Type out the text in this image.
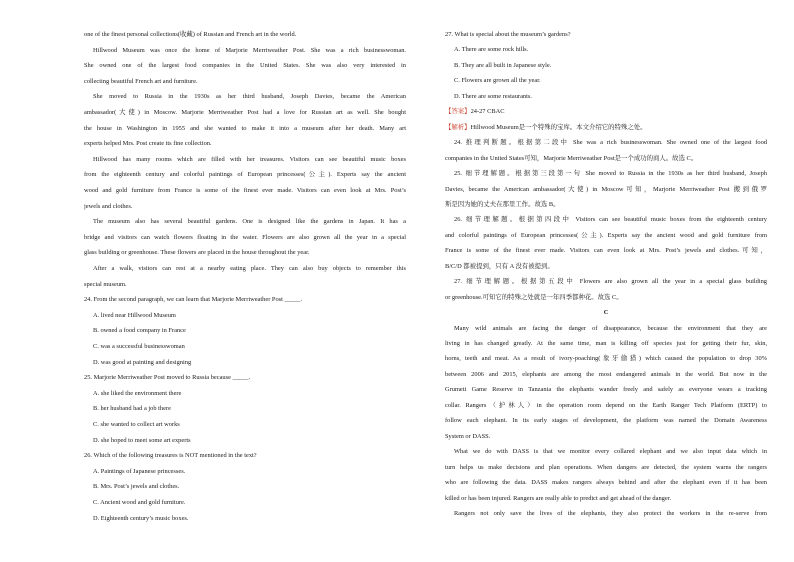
one of the finest personal collections(收藏) of Russian and French art in the world.
Hillwood Museum was once the home of Marjorie Merriweather Post. She was a rich businesswoman.
She owned one of the largest food companies in the United States. She was also very interested in
collecting beautiful French art and furniture.
She moved to Russia in the 1930s as her third husband, Joseph Davies, became the American
ambassador(大使) in Moscow. Marjorie Merriweather Post had a love for Russian art as well. She bought
the house in Washington in 1955 and she wanted to make it into a museum after her death. Many art
experts helped Mrs. Post create its fine collection.
Hillwood has many rooms which are filled with her treasures. Visitors can see beautiful music boxes
from the eighteenth century and colorful paintings of European princesses(公主). Experts say the ancient
wood and gold furniture from France is some of the finest ever made. Visitors can even look at Mrs. Post’s
jewels and clothes.
The museum also has several beautiful gardens. One is designed like the gardens in Japan. It has a
bridge and visitors can watch flowers floating in the water. Flowers are also grown all the year in a special
glass building or greenhouse. These flowers are placed in the house throughout the year.
After a walk, visitors can rest at a nearby eating place. They can also buy objects to remember this
special museum.
24. From the second paragraph, we can learn that Marjorie Merriweather Post _____.
A. lived near Hillwood Museum
B. owned a food company in France
C. was a successful businesswoman
D. was good at painting and designing
25. Marjorie Merriweather Post moved to Russia because _____.
A. she liked the environment there
B. her husband had a job there
C. she wanted to collect art works
D. she hoped to meet some art experts
26. Which of the following treasures is NOT mentioned in the text?
A. Paintings of Japanese princesses.
B. Mrs. Post’s jewels and clothes.
C. Ancient wood and gold furniture.
D. Eighteenth century’s music boxes.
27. What is special about the museum’s gardens?
A. There are some rock hills.
B. They are all built in Japanese style.
C. Flowers are grown all the year.
D. There are some restaurants.
【答案】24-27 CBAC
【解析】Hillwood Museum是一个特殊的宝库。本文介绍它的特殊之处。
24. 推理判断题。根据第二段中 She was a rich businesswoman. She owned one of the largest food
companies in the United States可知，Marjorie Merriweather Post是一个成功的商人。故选 C。
25. 细节理解题。根据第三段第一句 She moved to Russia in the 1930s as her third husband, Joseph
Davies, became the American ambassador(大使) in Moscow可知，Marjorie Merriweather Post 搬到俄罗
斯是因为她的丈夫在那里工作。故选 B。
26. 细节理解题。根据第四段中 Visitors can see beautiful music boxes from the eighteenth century
and colorful paintings of European princesses(公主). Experts say the ancient wood and gold furniture from
France is some of the finest ever made. Visitors can even look at Mrs. Post’s jewels and clothes.可知，
B/C/D 都被提到，只有 A 没有被提到。
27. 细节理解题。根据第五段中 Flowers are also grown all the year in a special glass building
or greenhouse.可知它的特殊之处就是一年四季都种花。故选 C。
C
Many wild animals are facing the danger of disappearance, because the environment that they are
living in has changed greatly. At the same time, man is killing off species just for getting their fur, skin,
horns, teeth and meat. As a result of ivory-poaching(象牙偷猎) which caused the population to drop 30%
between 2006 and 2015, elephants are among the most endangered animals in the world. But now in the
Grumeti Game Reserve in Tanzania the elephants wander freely and safely as everyone wears a tracking
collar. Rangers（护林人）in the operation room depend on the Earth Ranger Tech Platform (ERTP) to
follow each elephant. In its early stages of development, the platform was named the Domain Awareness
System or DASS.
What we do with DASS is that we monitor every collared elephant and we also input data which in
turn helps us make decisions and plan operations. When dangers are detected, the system warns the rangers
who are following the data. DASS makes rangers always behind and after the elephant even if it has been
killed or has been injured. Rangers are really able to predict and get ahead of the danger.
Rangers not only save the lives of the elephants, they also protect the workers in the re-serve from
